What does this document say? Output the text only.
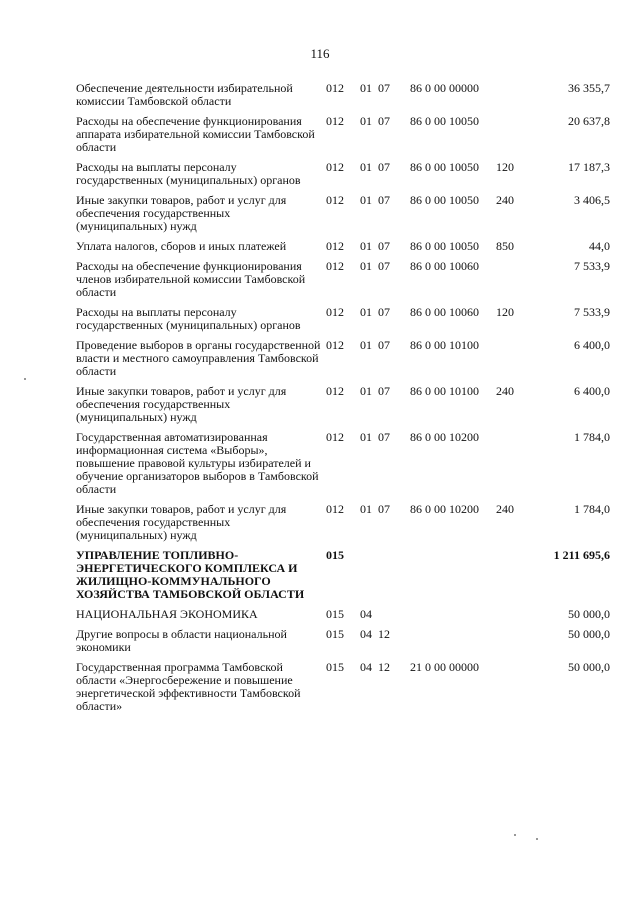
116
Обеспечение деятельности избирательной комиссии Тамбовской области	012	01	07	86 0 00 00000		36 355,7
Расходы на обеспечение функционирования аппарата избирательной комиссии Тамбовской области	012	01	07	86 0 00 10050		20 637,8
Расходы на выплаты персоналу государственных (муниципальных) органов	012	01	07	86 0 00 10050	120	17 187,3
Иные закупки товаров, работ и услуг для обеспечения государственных (муниципальных) нужд	012	01	07	86 0 00 10050	240	3 406,5
Уплата налогов, сборов и иных платежей	012	01	07	86 0 00 10050	850	44,0
Расходы на обеспечение функционирования членов избирательной комиссии Тамбовской области	012	01	07	86 0 00 10060		7 533,9
Расходы на выплаты персоналу государственных (муниципальных) органов	012	01	07	86 0 00 10060	120	7 533,9
Проведение выборов в органы государственной власти и местного самоуправления Тамбовской области	012	01	07	86 0 00 10100		6 400,0
Иные закупки товаров, работ и услуг для обеспечения государственных (муниципальных) нужд	012	01	07	86 0 00 10100	240	6 400,0
Государственная автоматизированная информационная система «Выборы», повышение правовой культуры избирателей и обучение организаторов выборов в Тамбовской области	012	01	07	86 0 00 10200		1 784,0
Иные закупки товаров, работ и услуг для обеспечения государственных (муниципальных) нужд	012	01	07	86 0 00 10200	240	1 784,0
УПРАВЛЕНИЕ ТОПЛИВНО-ЭНЕРГЕТИЧЕСКОГО КОМПЛЕКСА И ЖИЛИЩНО-КОММУНАЛЬНОГО ХОЗЯЙСТВА ТАМБОВСКОЙ ОБЛАСТИ	015					1 211 695,6
НАЦИОНАЛЬНАЯ ЭКОНОМИКА	015	04				50 000,0
Другие вопросы в области национальной экономики	015	04	12			50 000,0
Государственная программа Тамбовской области «Энергосбережение и повышение энергетической эффективности Тамбовской области»	015	04	12	21 0 00 00000		50 000,0
